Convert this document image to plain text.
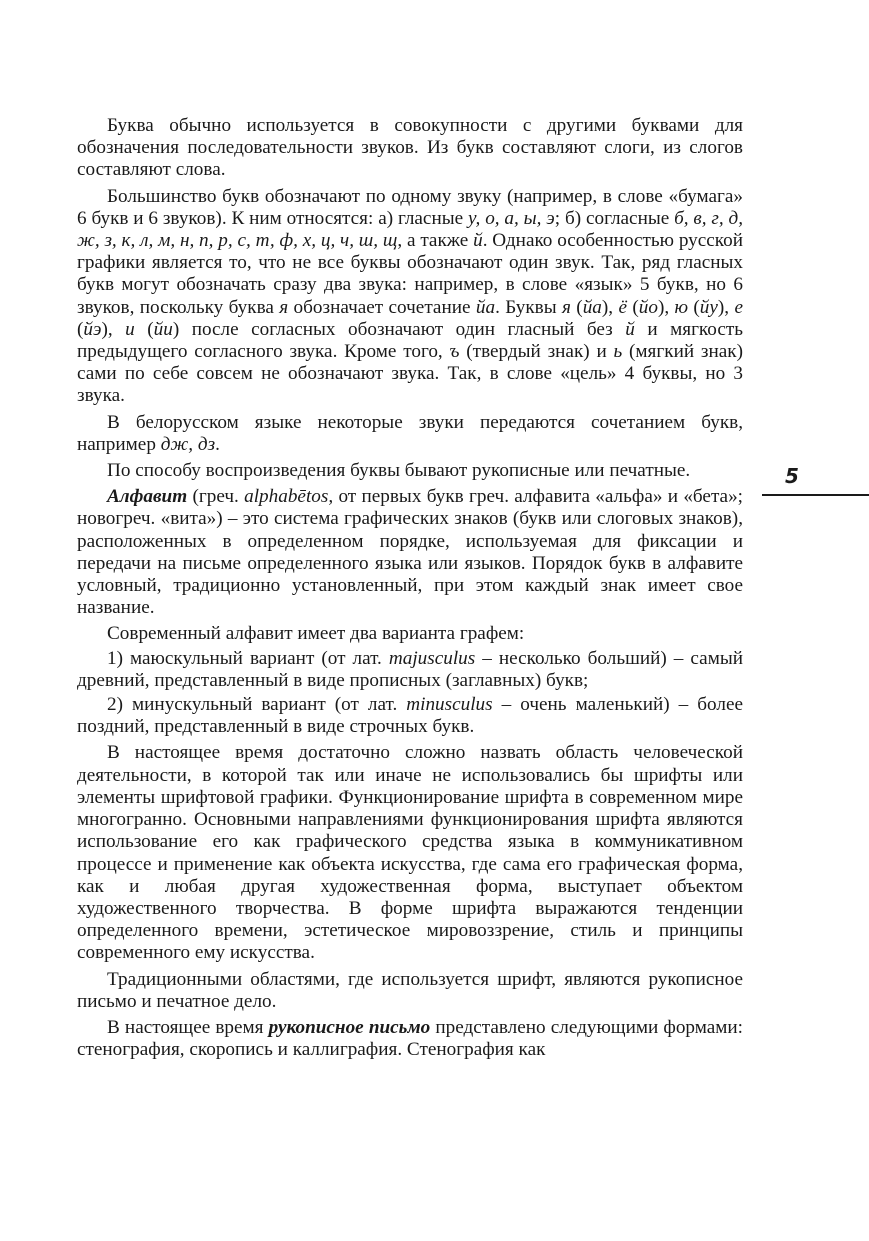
Буква обычно используется в совокупности с другими буквами для обозначения последовательности звуков. Из букв составляют слоги, из слогов составляют слова.

Большинство букв обозначают по одному звуку (например, в слове «бумага» 6 букв и 6 звуков). К ним относятся: а) гласные у, о, а, ы, э; б) согласные б, в, г, д, ж, з, к, л, м, н, п, р, с, т, ф, х, ц, ч, ш, щ, а также й. Однако особенностью русской графики является то, что не все буквы обозначают один звук. Так, ряд гласных букв могут обозначать сразу два звука: например, в слове «язык» 5 букв, но 6 звуков, поскольку буква я обозначает сочетание йа. Буквы я (йа), ё (йо), ю (йу), е (йэ), и (йи) после согласных обозначают один гласный без й и мягкость предыдущего согласного звука. Кроме того, ъ (твердый знак) и ь (мягкий знак) сами по себе совсем не обозначают звука. Так, в слове «цель» 4 буквы, но 3 звука.

В белорусском языке некоторые звуки передаются сочетанием букв, например дж, дз.

По способу воспроизведения буквы бывают рукописные или печатные.

Алфавит (греч. alphabētos, от первых букв греч. алфавита «альфа» и «бета»; новогреч. «вита») – это система графических знаков (букв или слоговых знаков), расположенных в определенном порядке, используемая для фиксации и передачи на письме определенного языка или языков. Порядок букв в алфавите условный, традиционно установленный, при этом каждый знак имеет свое название.

Современный алфавит имеет два варианта графем:

1) маюскульный вариант (от лат. majusculus – несколько больший) – самый древний, представленный в виде прописных (заглавных) букв;

2) минускульный вариант (от лат. minusculus – очень маленький) – более поздний, представленный в виде строчных букв.

В настоящее время достаточно сложно назвать область человеческой деятельности, в которой так или иначе не использовались бы шрифты или элементы шрифтовой графики. Функционирование шрифта в современном мире многогранно. Основными направлениями функционирования шрифта являются использование его как графического средства языка в коммуникативном процессе и применение как объекта искусства, где сама его графическая форма, как и любая другая художественная форма, выступает объектом художественного творчества. В форме шрифта выражаются тенденции определенного времени, эстетическое мировоззрение, стиль и принципы современного ему искусства.

Традиционными областями, где используется шрифт, являются рукописное письмо и печатное дело.

В настоящее время рукописное письмо представлено следующими формами: стенография, скоропись и каллиграфия. Стенография как

5
